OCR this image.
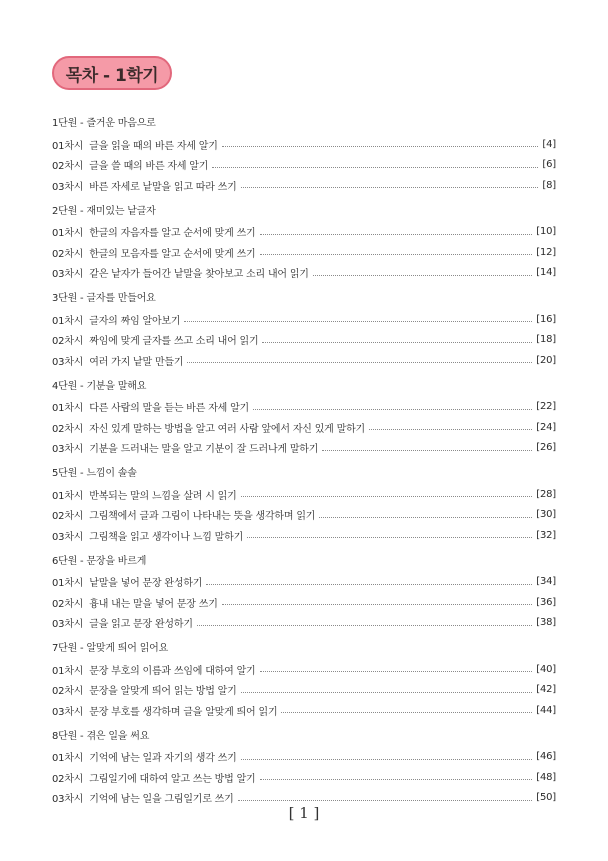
목차 - 1학기
1단원 - 즐거운 마음으로
01차시 글을 읽을 때의 바른 자세 알기	[4]
02차시 글을 쓸 때의 바른 자세 알기	[6]
03차시 바른 자세로 낱말을 읽고 따라 쓰기	[8]
2단원 - 재미있는 낱글자
01차시 한글의 자음자를 알고 순서에 맞게 쓰기	[10]
02차시 한글의 모음자를 알고 순서에 맞게 쓰기	[12]
03차시 같은 낱자가 들어간 낱말을 찾아보고 소리 내어 읽기	[14]
3단원 - 글자를 만들어요
01차시 글자의 짜임 알아보기	[16]
02차시 짜임에 맞게 글자를 쓰고 소리 내어 읽기	[18]
03차시 여러 가지 낱말 만들기	[20]
4단원 - 기분을 말해요
01차시 다른 사람의 말을 듣는 바른 자세 알기	[22]
02차시 자신 있게 말하는 방법을 알고 여러 사람 앞에서 자신 있게 말하기	[24]
03차시 기분을 드러내는 말을 알고 기분이 잘 드러나게 말하기	[26]
5단원 - 느낌이 솔솔
01차시 반복되는 말의 느낌을 살려 시 읽기	[28]
02차시 그림책에서 글과 그림이 나타내는 뜻을 생각하며 읽기	[30]
03차시 그림책을 읽고 생각이나 느낌 말하기	[32]
6단원 - 문장을 바르게
01차시 낱말을 넣어 문장 완성하기	[34]
02차시 흉내 내는 말을 넣어 문장 쓰기	[36]
03차시 글을 읽고 문장 완성하기	[38]
7단원 - 알맞게 띄어 읽어요
01차시 문장 부호의 이름과 쓰임에 대하여 알기	[40]
02차시 문장을 알맞게 띄어 읽는 방법 알기	[42]
03차시 문장 부호를 생각하며 글을 알맞게 띄어 읽기	[44]
8단원 - 겪은 일을 써요
01차시 기억에 남는 일과 자기의 생각 쓰기	[46]
02차시 그림일기에 대하여 알고 쓰는 방법 알기	[48]
03차시 기억에 남는 일을 그림일기로 쓰기	[50]
[ 1 ]
